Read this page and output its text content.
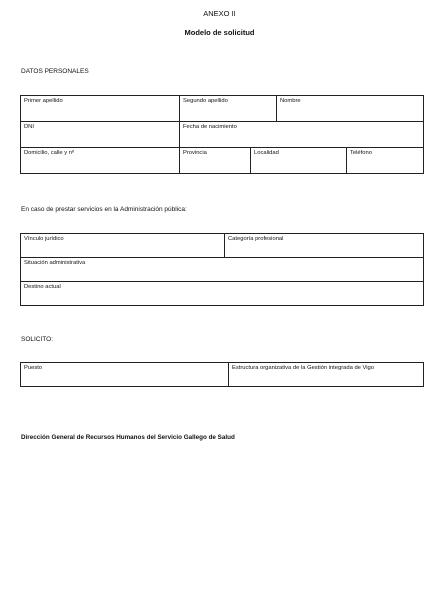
ANEXO II
Modelo de solicitud
DATOS PERSONALES
Primer apellido	Segundo apellido		Nombre	

DNI	Fecha de nacimiento			

Domicilio, calle y nº	Provincia	Localidad		Teléfono
En caso de prestar servicios en la Administración pública:
Vínculo jurídico	Categoría profesional

Situación administrativa

Destino actual
SOLICITO:
Puesto	Estructura organizativa de la Gestión integrada de Vigo
Dirección General de Recursos Humanos del Servicio Gallego de Salud
